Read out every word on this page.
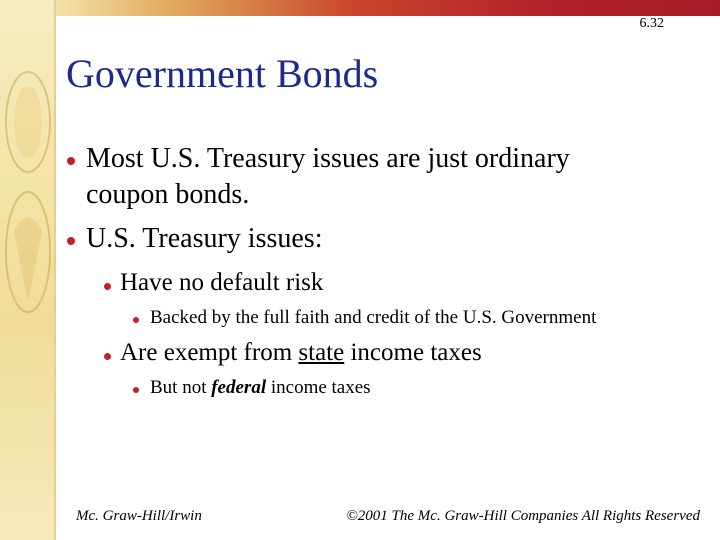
6.32
Government Bonds
Most U.S. Treasury issues are just ordinary
coupon bonds.
U.S. Treasury issues:
Have no default risk
Backed by the full faith and credit of the U.S. Government
Are exempt from state income taxes
But not federal income taxes
Mc. Graw-Hill/Irwin	©2001 The Mc. Graw-Hill Companies All Rights Reserved
